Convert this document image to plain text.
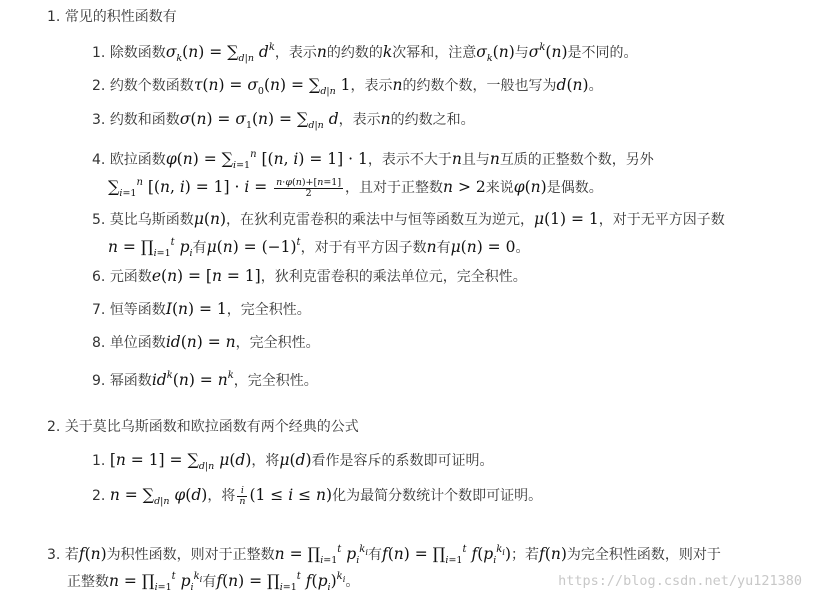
1. 常见的积性函数有
1. 除数函数$\sigma_k(n) = \sum_{d|n}$ $d^k$，表示n的约数的k次幂和，注意$\sigma_k(n)$与$\sigma^k(n)$是不同的。
2. 约数个数函数$\tau(n) = \sigma_0(n) = \sum_{d|n}$ 1，表示n的约数个数，一般也写为d(n)。
3. 约数和函数$\sigma(n) = \sigma_1(n) = \sum_{d|n}$ d，表示n的约数之和。
4. 欧拉函数$\varphi(n) = \sum_{i=1}^n$ [(n, i) = 1] · 1，表示不大于n且与n互质的正整数个数，另外
$\sum_{i=1}^n$ [(n, $i) = 1] \cdot i = \frac{n\cdot\varphi(n)+[n=1]}{2}$ ，且对于正整数n > 2来说φ(n)是偶数。
5. 莫比乌斯函数μ(n)，在狄利克雷卷积的乘法中与恒等函数互为逆元，μ(1) = 1，对于无平方因子数
$n = \prod_{i=1}^t$ $p_i$有$\mu(n) = (-1)^t$，对于有平方因子数n有μ(n) = 0。
6. 元函数e(n) = [n = 1]，狄利克雷卷积的乘法单位元，完全积性。
7. 恒等函数I(n) = 1，完全积性。
8. 单位函数id(n) = n，完全积性。
9. 幂函数$id^k(n) = n^k$，完全积性。
2. 关于莫比乌斯函数和欧拉函数有两个经典的公式
1. $[n = 1] = \sum_{d|n}$ μ(d)，将μ(d)看作是容斥的系数即可证明。
2. $n = \sum_{d|n}$ φ(d)，将 $\frac{i}{n} (1 \le i \le n)$化为最简分数统计个数即可证明。
3. 若f(n)为积性函数，则对于正整数$n = \prod_{i=1}^t$ $p_i^{k_i}$有$f(n) = \prod_{i=1}^t$ $f(p_i^{k_i})$；若f(n)为完全积性函数，则对于
正整数$n = \prod_{i=1}^t$ $p_i^{k_i}$有$f(n) = \prod_{i=1}^t$ $f(p_i)^{k_i}$。	https://blog.csdn.net/yu121380
